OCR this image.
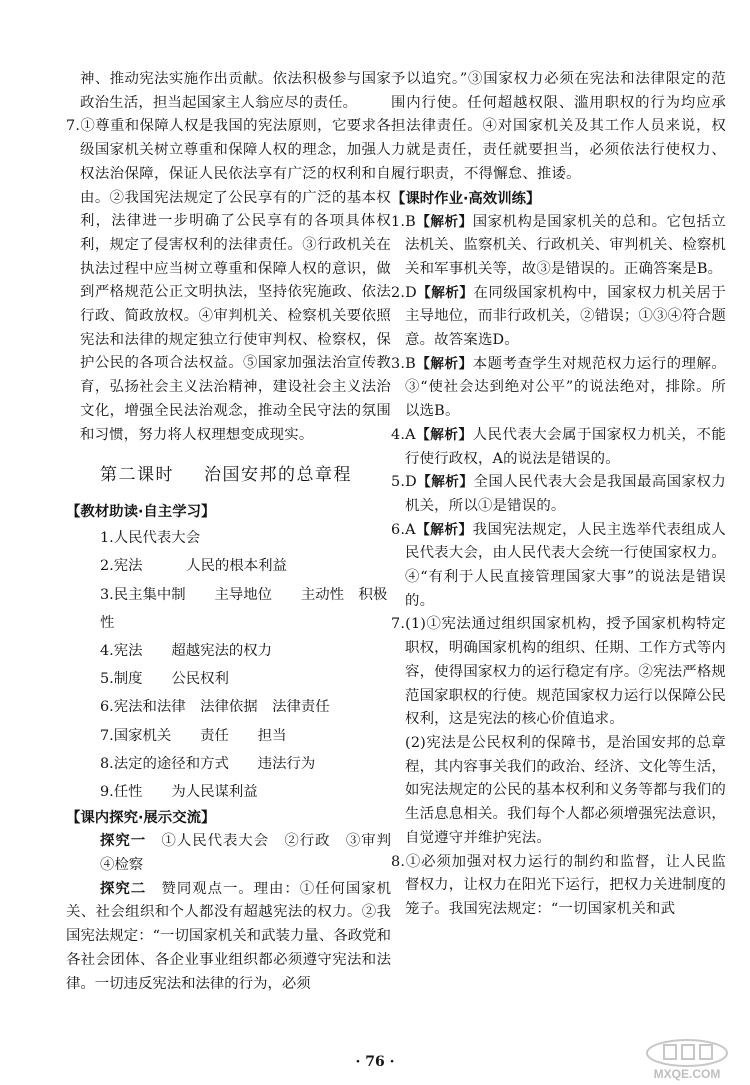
神、推动宪法实施作出贡献。依法积极参与国家政治生活，担当起国家主人翁应尽的责任。

7.①尊重和保障人权是我国的宪法原则，它要求各级国家机关树立尊重和保障人权的理念，加强人权法治保障，保证人民依法享有广泛的权利和自由。②我国宪法规定了公民享有的广泛的基本权利，法律进一步明确了公民享有的各项具体权利，规定了侵害权利的法律责任。③行政机关在执法过程中应当树立尊重和保障人权的意识，做到严格规范公正文明执法，坚持依宪施政、依法行政、简政放权。④审判机关、检察机关要依照宪法和法律的规定独立行使审判权、检察权，保护公民的各项合法权益。⑤国家加强法治宣传教育，弘扬社会主义法治精神，建设社会主义法治文化，增强全民法治观念，推动全民守法的氛围和习惯，努力将人权理想变成现实。

第二课时 治国安邦的总章程

【教材助读·自主学习】

1.人民代表大会

2.宪法　	人民的根本利益

3.民主集中制　　 主导地位　　 主动性　积极性

4.宪法　　 超越宪法的权力

5.制度　　 公民权利

6.宪法和法律　 法律依据　 法律责任

7.国家机关　　 责任　　 担当

8.法定的途径和方式　　 违法行为

9.任性　　 为人民谋利益

【课内探究·展示交流】

探究一　 ①人民代表大会　②行政　③审判　④检察

探究二　 赞同观点一。理由：①任何国家机关、社会组织和个人都没有超越宪法的权力。②我国宪法规定：“一切国家机关和武装力量、各政党和各社会团体、各企业事业组织都必须遵守宪法和法律。一切违反宪法和法律的行为，必须

予以追究。”③国家权力必须在宪法和法律限定的范围内行使。任何超越权限、滥用职权的行为均应承担法律责任。④对国家机关及其工作人员来说，权力就是责任，责任就要担当，必须依法行使权力、履行职责，不得懈怠、推诿。

【课时作业·高效训练】

1.B【解析】国家机构是国家机关的总和。它包括立法机关、监察机关、行政机关、审判机关、检察机关和军事机关等，故③是错误的。正确答案是B。

2.D【解析】在同级国家机构中，国家权力机关居于主导地位，而非行政机关，②错误；①③④符合题意。故答案选D。

3.B【解析】本题考查学生对规范权力运行的理解。③“使社会达到绝对公平”的说法绝对，排除。所以选B。

4.A【解析】人民代表大会属于国家权力机关，不能行使行政权，A的说法是错误的。

5.D【解析】全国人民代表大会是我国最高国家权力机关，所以①是错误的。

6.A【解析】我国宪法规定，人民主选举代表组成人民代表大会，由人民代表大会统一行使国家权力。④“有利于人民直接管理国家大事”的说法是错误的。

7.(1)①宪法通过组织国家机构，授予国家机构特定职权，明确国家机构的组织、任期、工作方式等内容，使得国家权力的运行稳定有序。②宪法严格规范国家职权的行使。规范国家权力运行以保障公民权利，这是宪法的核心价值追求。

(2)宪法是公民权利的保障书，是治国安邦的总章程，其内容事关我们的政治、经济、文化等生活，如宪法规定的公民的基本权利和义务等都与我们的生活息息相关。我们每个人都必须增强宪法意识，自觉遵守并维护宪法。

8.①必须加强对权力运行的制约和监督，让人民监督权力，让权力在阳光下运行，把权力关进制度的笼子。我国宪法规定：“一切国家机关和武

· 76 ·
MXQE.COM
